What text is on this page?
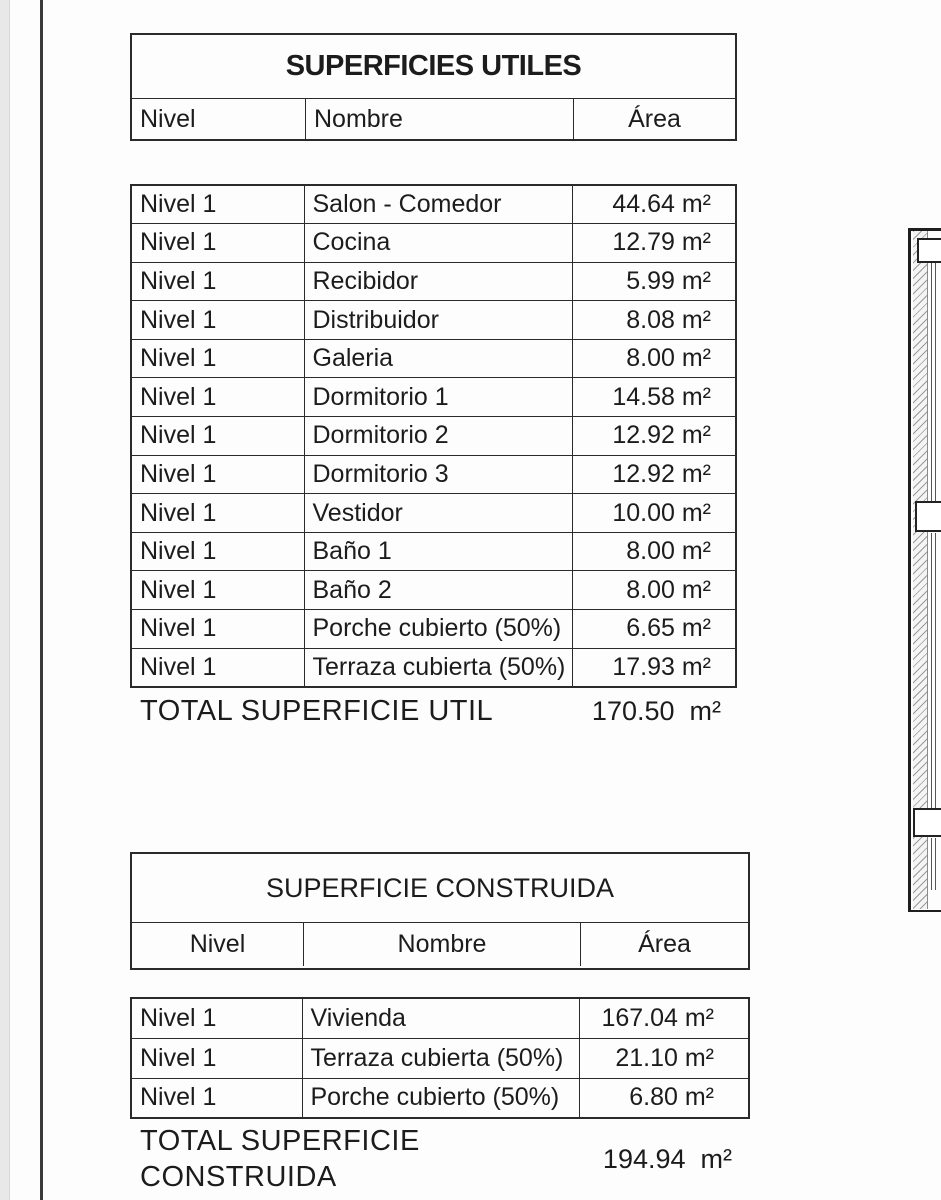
SUPERFICIES UTILES
Nivel	Nombre	Área
Nivel 1	Salon - Comedor	44.64 m²
Nivel 1	Cocina	12.79 m²
Nivel 1	Recibidor	5.99 m²
Nivel 1	Distribuidor	8.08 m²
Nivel 1	Galeria	8.00 m²
Nivel 1	Dormitorio 1	14.58 m²
Nivel 1	Dormitorio 2	12.92 m²
Nivel 1	Dormitorio 3	12.92 m²
Nivel 1	Vestidor	10.00 m²
Nivel 1	Baño 1	8.00 m²
Nivel 1	Baño 2	8.00 m²
Nivel 1	Porche cubierto (50%)	6.65 m²
Nivel 1	Terraza cubierta (50%)	17.93 m²
TOTAL SUPERFICIE UTIL	170.50  m²
SUPERFICIE CONSTRUIDA
Nivel	Nombre	Área
Nivel 1	Vivienda	167.04 m²
Nivel 1	Terraza cubierta (50%)	21.10 m²
Nivel 1	Porche cubierto (50%)	6.80 m²
TOTAL SUPERFICIE CONSTRUIDA
194.94  m²
